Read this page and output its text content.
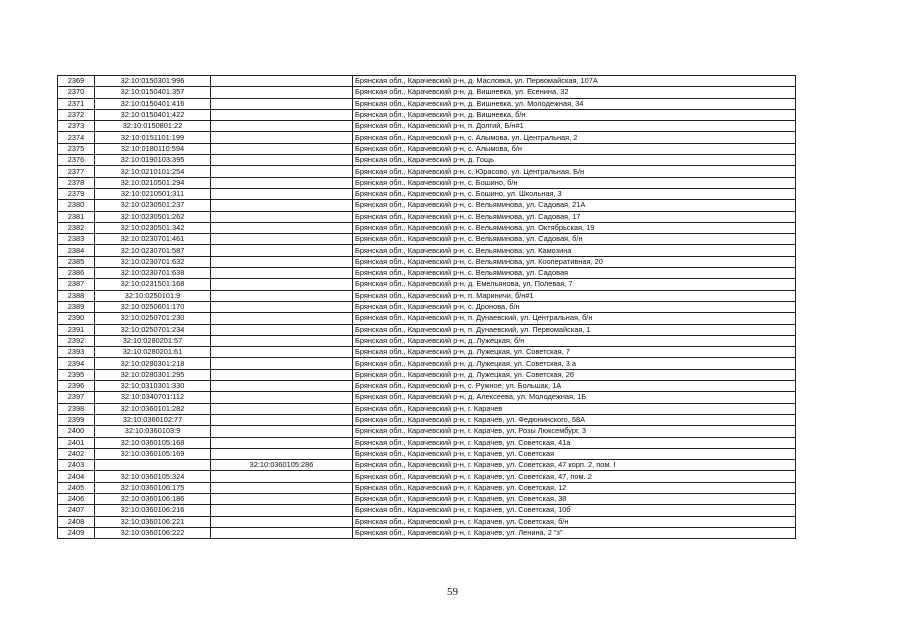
2369	32:10:0150301:996		Брянская обл., Карачевский р-н, д. Масловка, ул. Первомайская, 107А
2370	32:10:0150401:357		Брянская обл., Карачевский р-н, д. Вишневка, ул. Есенина, 32
2371	32:10:0150401:416		Брянская обл., Карачевский р-н, д. Вишневка, ул. Молодежная, 34
2372	32:10:0150401:422		Брянская обл., Карачевский р-н, д. Вишневка, б/н
2373	32:10:0150801:22		Брянская обл., Карачевский р-н, п. Долгий, Б/н#1
2374	32:10:0151101:199		Брянская обл., Карачевский р-н, с. Алымова, ул. Центральная, 2
2375	32:10:0180110:594		Брянская обл., Карачевский р-н, с. Алымова, б/н
2376	32:10:0190103:395		Брянская обл., Карачевский р-н, д. Гощь
2377	32:10:0210101:254		Брянская обл., Карачевский р-н, с. Юрасово, ул. Центральная, Б/н
2378	32:10:0210501:294		Брянская обл., Карачевский р-н, с. Бошино, б/н
2379	32:10:0210501:311		Брянская обл., Карачевский р-н, с. Бошино, ул. Школьная, 3
2380	32:10:0230501:237		Брянская обл., Карачевский р-н, с. Вельяминова, ул. Садовая, 21А
2381	32:10:0230501:262		Брянская обл., Карачевский р-н, с. Вельяминова, ул. Садовая, 17
2382	32:10:0230501:342		Брянская обл., Карачевский р-н, с. Вельяминова, ул. Октябрьская, 19
2383	32:10:0230701:461		Брянская обл., Карачевский р-н, с. Вельяминова, ул. Садовая, б/н
2384	32:10:0230701:587		Брянская обл., Карачевский р-н, с. Вельяминова, ул. Камозина
2385	32:10:0230701:632		Брянская обл., Карачевский р-н, с. Вельяминова, ул. Кооперативная, 20
2386	32:10:0230701:638		Брянская обл., Карачевский р-н, с. Вельяминова, ул. Садовая
2387	32:10:0231501:168		Брянская обл., Карачевский р-н, д. Емельянова, ул. Полевая, 7
2388	32:10:0250101:9		Брянская обл., Карачевский р-н, п. Мариничи, б/н#1
2389	32:10:0250601:170		Брянская обл., Карачевский р-н, с. Дронова, б/н
2390	32:10:0250701:230		Брянская обл., Карачевский р-н, п. Дунаевский, ул. Центральная, б/н
2391	32:10:0250701:234		Брянская обл., Карачевский р-н, п. Дунаевский, ул. Первомайская, 1
2392	32:10:0280201:57		Брянская обл., Карачевский р-н, д. Лужецкая, б/н
2393	32:10:0280201:61		Брянская обл., Карачевский р-н, д. Лужецкая, ул. Советская, 7
2394	32:10:0280301:218		Брянская обл., Карачевский р-н, д. Лужецкая, ул. Советская, 3 а
2395	32:10:0280301:295		Брянская обл., Карачевский р-н, д. Лужецкая, ул. Советская, 26
2396	32:10:0310301:330		Брянская обл., Карачевский р-н, с. Ружное, ул. Большак, 1А
2397	32:10:0340701:112		Брянская обл., Карачевский р-н, д. Алексеева, ул. Молодежная, 1Б
2398	32:10:0360101:282		Брянская обл., Карачевский р-н, г. Карачев
2399	32:10:0360102:77		Брянская обл., Карачевский р-н, г. Карачев, ул. Федюнинского, 58А
2400	32:10:0360103:9		Брянская обл., Карачевский р-н, г. Карачев, ул. Розы Люксембург, 3
2401	32:10:0360105:168		Брянская обл., Карачевский р-н, г. Карачев, ул. Советская, 41а
2402	32:10:0360105:169		Брянская обл., Карачевский р-н, г. Карачев, ул. Советская
2403		32:10:0360105:286	Брянская обл., Карачевский р-н, г. Карачев, ул. Советская, 47 корп. 2, пом. I
2404	32:10:0360105:324		Брянская обл., Карачевский р-н, г. Карачев, ул. Советская, 47, пом. 2
2405	32:10:0360106:175		Брянская обл., Карачевский р-н, г. Карачев, ул. Советская, 12
2406	32:10:0360106:186		Брянская обл., Карачевский р-н, г. Карачев, ул. Советская, 38
2407	32:10:0360106:216		Брянская обл., Карачевский р-н, г. Карачев, ул. Советская, 10б
2408	32:10:0360106:221		Брянская обл., Карачевский р-н, г. Карачев, ул. Советская, б/н
2409	32:10:0360106:222		Брянская обл., Карачевский р-н, г. Карачев, ул. Ленина, 2 "з"
59
